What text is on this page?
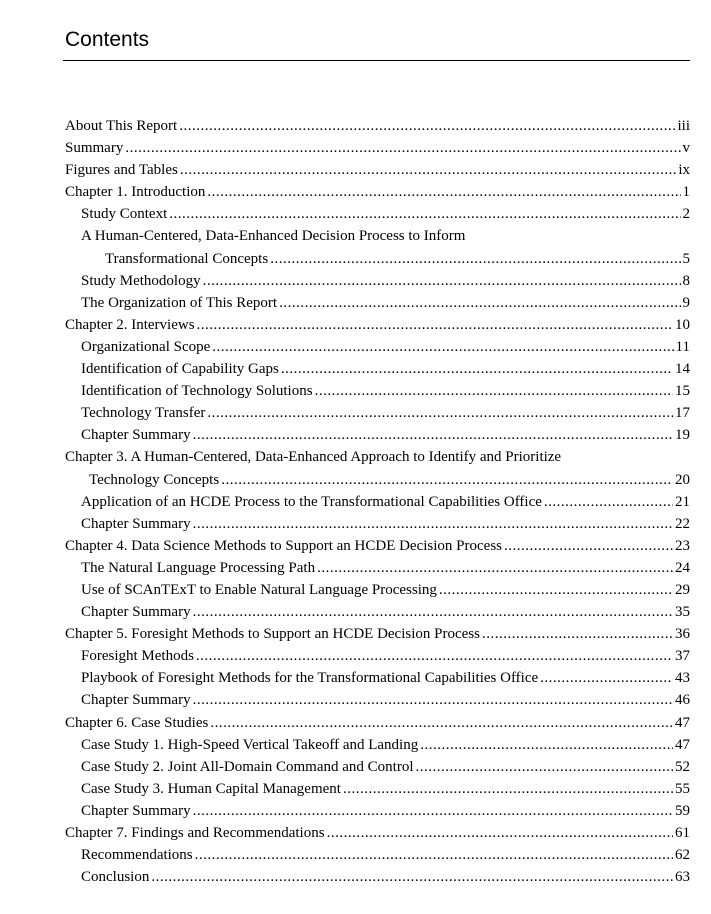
Contents
About This Report .....	iii
Summary .....	v
Figures and Tables .....	ix
Chapter 1. Introduction .....	1
Study Context .....	2
A Human-Centered, Data-Enhanced Decision Process to Inform
Transformational Concepts .....	5
Study Methodology .....	8
The Organization of This Report .....	9
Chapter 2. Interviews .....	10
Organizational Scope .....	11
Identification of Capability Gaps .....	14
Identification of Technology Solutions .....	15
Technology Transfer .....	17
Chapter Summary .....	19
Chapter 3. A Human-Centered, Data-Enhanced Approach to Identify and Prioritize
Technology Concepts .....	20
Application of an HCDE Process to the Transformational Capabilities Office .....	21
Chapter Summary .....	22
Chapter 4. Data Science Methods to Support an HCDE Decision Process .....	23
The Natural Language Processing Path .....	24
Use of SCAnTExT to Enable Natural Language Processing .....	29
Chapter Summary .....	35
Chapter 5. Foresight Methods to Support an HCDE Decision Process .....	36
Foresight Methods .....	37
Playbook of Foresight Methods for the Transformational Capabilities Office .....	43
Chapter Summary .....	46
Chapter 6. Case Studies .....	47
Case Study 1. High-Speed Vertical Takeoff and Landing .....	47
Case Study 2. Joint All-Domain Command and Control .....	52
Case Study 3. Human Capital Management .....	55
Chapter Summary .....	59
Chapter 7. Findings and Recommendations .....	61
Recommendations .....	62
Conclusion .....	63
